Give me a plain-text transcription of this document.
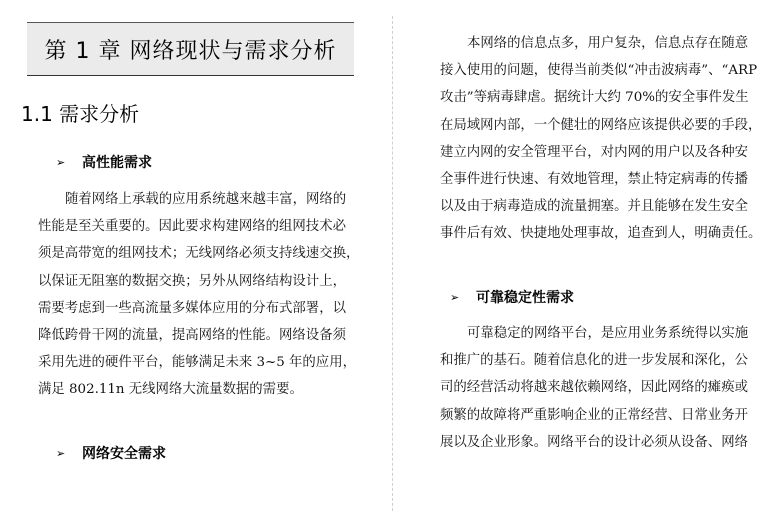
第 1 章 网络现状与需求分析
1.1 需求分析
➢	高性能需求

随着网络上承载的应用系统越来越丰富，网络的
性能是至关重要的。因此要求构建网络的组网技术必
须是高带宽的组网技术；无线网络必须支持线速交换，
以保证无阻塞的数据交换；另外从网络结构设计上，
需要考虑到一些高流量多媒体应用的分布式部署，以
降低跨骨干网的流量，提高网络的性能。网络设备须
采用先进的硬件平台，能够满足未来 3~5 年的应用，
满足 802.11n 无线网络大流量数据的需要。

➢	网络安全需求

本网络的信息点多，用户复杂，信息点存在随意
接入使用的问题，使得当前类似“冲击波病毒”、“ARP
攻击”等病毒肆虐。据统计大约 70%的安全事件发生
在局域网内部，一个健壮的网络应该提供必要的手段，
建立内网的安全管理平台，对内网的用户以及各种安
全事件进行快速、有效地管理，禁止特定病毒的传播
以及由于病毒造成的流量拥塞。并且能够在发生安全
事件后有效、快捷地处理事故，追查到人，明确责任。

➢	可靠稳定性需求

可靠稳定的网络平台，是应用业务系统得以实施
和推广的基石。随着信息化的进一步发展和深化，公
司的经营活动将越来越依赖网络，因此网络的瘫痪或
频繁的故障将严重影响企业的正常经营、日常业务开
展以及企业形象。网络平台的设计必须从设备、网络
